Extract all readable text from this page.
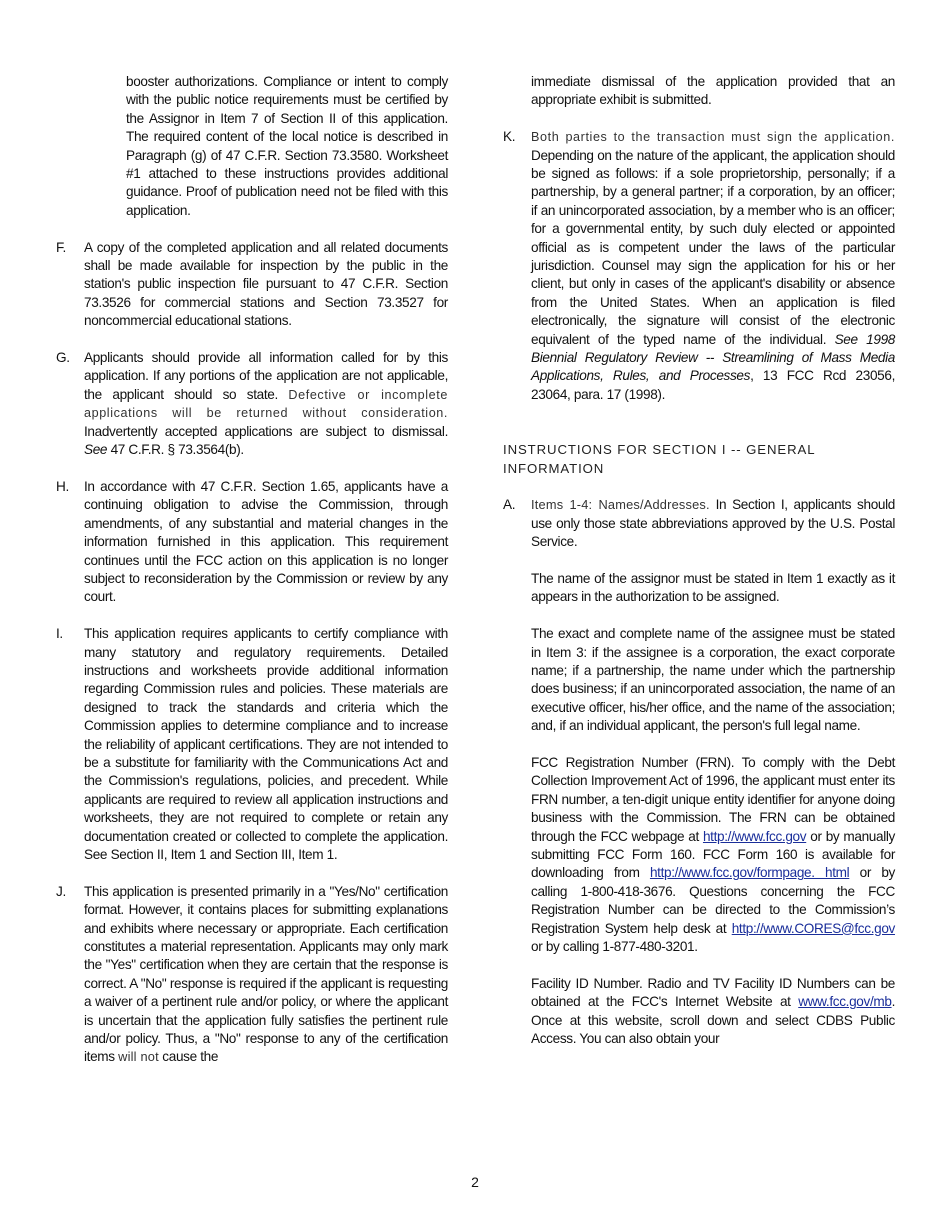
booster authorizations. Compliance or intent to comply with the public notice requirements must be certified by the Assignor in Item 7 of Section II of this application. The required content of the local notice is described in Paragraph (g) of 47 C.F.R. Section 73.3580. Worksheet #1 attached to these instructions provides additional guidance. Proof of publication need not be filed with this application.
F. A copy of the completed application and all related documents shall be made available for inspection by the public in the station's public inspection file pursuant to 47 C.F.R. Section 73.3526 for commercial stations and Section 73.3527 for noncommercial educational stations.
G. Applicants should provide all information called for by this application. If any portions of the application are not applicable, the applicant should so state. Defective or incomplete applications will be returned without consideration. Inadvertently accepted applications are subject to dismissal. See 47 C.F.R. § 73.3564(b).
H. In accordance with 47 C.F.R. Section 1.65, applicants have a continuing obligation to advise the Commission, through amendments, of any substantial and material changes in the information furnished in this application. This requirement continues until the FCC action on this application is no longer subject to reconsideration by the Commission or review by any court.
I. This application requires applicants to certify compliance with many statutory and regulatory requirements. Detailed instructions and worksheets provide additional information regarding Commission rules and policies. These materials are designed to track the standards and criteria which the Commission applies to determine compliance and to increase the reliability of applicant certifications. They are not intended to be a substitute for familiarity with the Communications Act and the Commission's regulations, policies, and precedent. While applicants are required to review all application instructions and worksheets, they are not required to complete or retain any documentation created or collected to complete the application. See Section II, Item 1 and Section III, Item 1.
J. This application is presented primarily in a "Yes/No" certification format. However, it contains places for submitting explanations and exhibits where necessary or appropriate. Each certification constitutes a material representation. Applicants may only mark the "Yes" certification when they are certain that the response is correct. A "No" response is required if the applicant is requesting a waiver of a pertinent rule and/or policy, or where the applicant is uncertain that the application fully satisfies the pertinent rule and/or policy. Thus, a "No" response to any of the certification items will not cause the
immediate dismissal of the application provided that an appropriate exhibit is submitted.
K. Both parties to the transaction must sign the application. Depending on the nature of the applicant, the application should be signed as follows: if a sole proprietorship, personally; if a partnership, by a general partner; if a corporation, by an officer; if an unincorporated association, by a member who is an officer; for a governmental entity, by such duly elected or appointed official as is competent under the laws of the particular jurisdiction. Counsel may sign the application for his or her client, but only in cases of the applicant's disability or absence from the United States. When an application is filed electronically, the signature will consist of the electronic equivalent of the typed name of the individual. See 1998 Biennial Regulatory Review -- Streamlining of Mass Media Applications, Rules, and Processes, 13 FCC Rcd 23056, 23064, para. 17 (1998).
INSTRUCTIONS FOR SECTION I -- GENERAL INFORMATION
A. Items 1-4: Names/Addresses. In Section I, applicants should use only those state abbreviations approved by the U.S. Postal Service.
The name of the assignor must be stated in Item 1 exactly as it appears in the authorization to be assigned.
The exact and complete name of the assignee must be stated in Item 3: if the assignee is a corporation, the exact corporate name; if a partnership, the name under which the partnership does business; if an unincorporated association, the name of an executive officer, his/her office, and the name of the association; and, if an individual applicant, the person's full legal name.
FCC Registration Number (FRN). To comply with the Debt Collection Improvement Act of 1996, the applicant must enter its FRN number, a ten-digit unique entity identifier for anyone doing business with the Commission. The FRN can be obtained through the FCC webpage at http://www.fcc.gov or by manually submitting FCC Form 160. FCC Form 160 is available for downloading from http://www.fcc.gov/formpage. html or by calling 1-800-418-3676. Questions concerning the FCC Registration Number can be directed to the Commission’s Registration System help desk at http://www.CORES@fcc.gov or by calling 1-877-480-3201.
Facility ID Number. Radio and TV Facility ID Numbers can be obtained at the FCC's Internet Website at www.fcc.gov/mb. Once at this website, scroll down and select CDBS Public Access. You can also obtain your
2
